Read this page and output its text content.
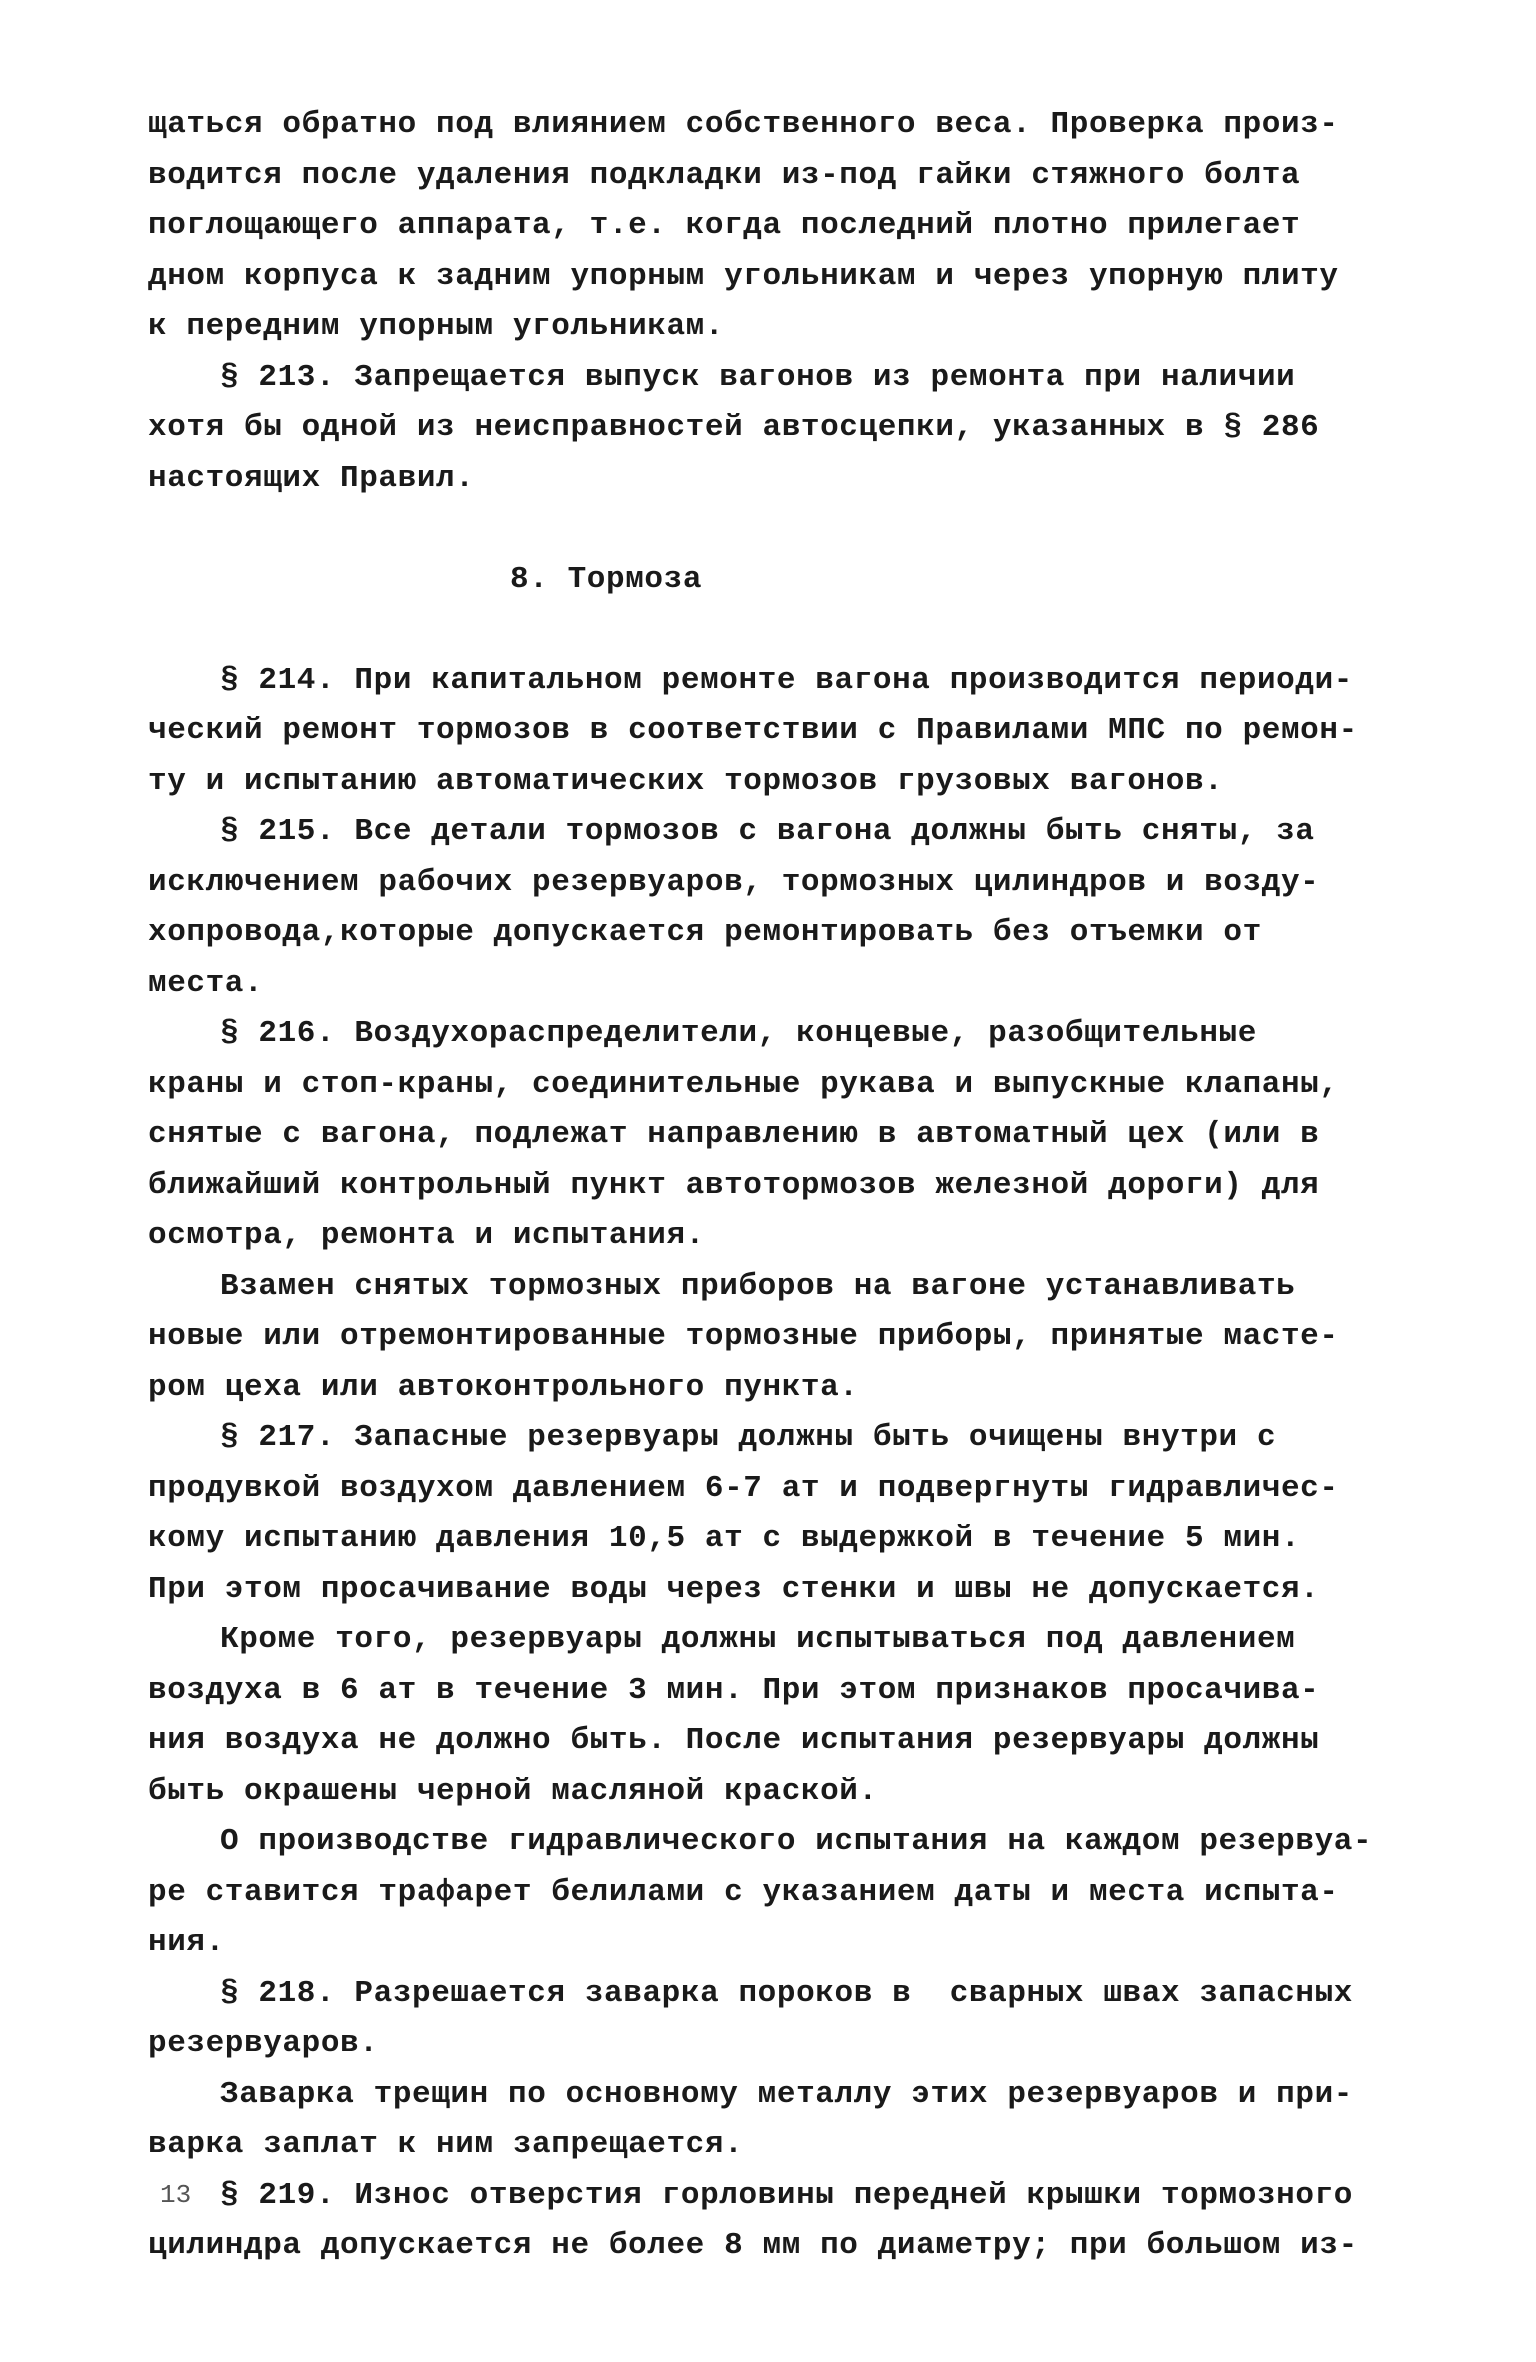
щаться обратно под влиянием собственного веса. Проверка произ-
водится после удаления подкладки из-под гайки стяжного болта
поглощающего аппарата, т.е. когда последний плотно прилегает
дном корпуса к задним упорным угольникам и через упорную плиту
к передним упорным угольникам.
§ 213. Запрещается выпуск вагонов из ремонта при наличии
хотя бы одной из неисправностей автосцепки, указанных в § 286
настоящих Правил.
8. Тормоза
§ 214. При капитальном ремонте вагона производится периоди-
ческий ремонт тормозов в соответствии с Правилами МПС по ремон-
ту и испытанию автоматических тормозов грузовых вагонов.
§ 215. Все детали тормозов с вагона должны быть сняты, за
исключением рабочих резервуаров, тормозных цилиндров и возду-
хопровода,которые допускается ремонтировать без отъемки от
места.
§ 216. Воздухораспределители, концевые, разобщительные
краны и стоп-краны, соединительные рукава и выпускные клапаны,
снятые с вагона, подлежат направлению в автоматный цех (или в
ближайший контрольный пункт автотормозов железной дороги) для
осмотра, ремонта и испытания.
Взамен снятых тормозных приборов на вагоне устанавливать
новые или отремонтированные тормозные приборы, принятые масте-
ром цеха или автоконтрольного пункта.
§ 217. Запасные резервуары должны быть очищены внутри с
продувкой воздухом давлением 6-7 ат и подвергнуты гидравличес-
кому испытанию давления 10,5 ат с выдержкой в течение 5 мин.
При этом просачивание воды через стенки и швы не допускается.
Кроме того, резервуары должны испытываться под давлением
воздуха в 6 ат в течение 3 мин. При этом признаков просачива-
ния воздуха не должно быть. После испытания резервуары должны
быть окрашены черной масляной краской.
О производстве гидравлического испытания на каждом резервуа-
ре ставится трафарет белилами с указанием даты и места испыта-
ния.
§ 218. Разрешается заварка пороков в  сварных швах запасных
резервуаров.
Заварка трещин по основному металлу этих резервуаров и при-
варка заплат к ним запрещается.
§ 219. Износ отверстия горловины передней крышки тормозного
цилиндра допускается не более 8 мм по диаметру; при большом из-
13
